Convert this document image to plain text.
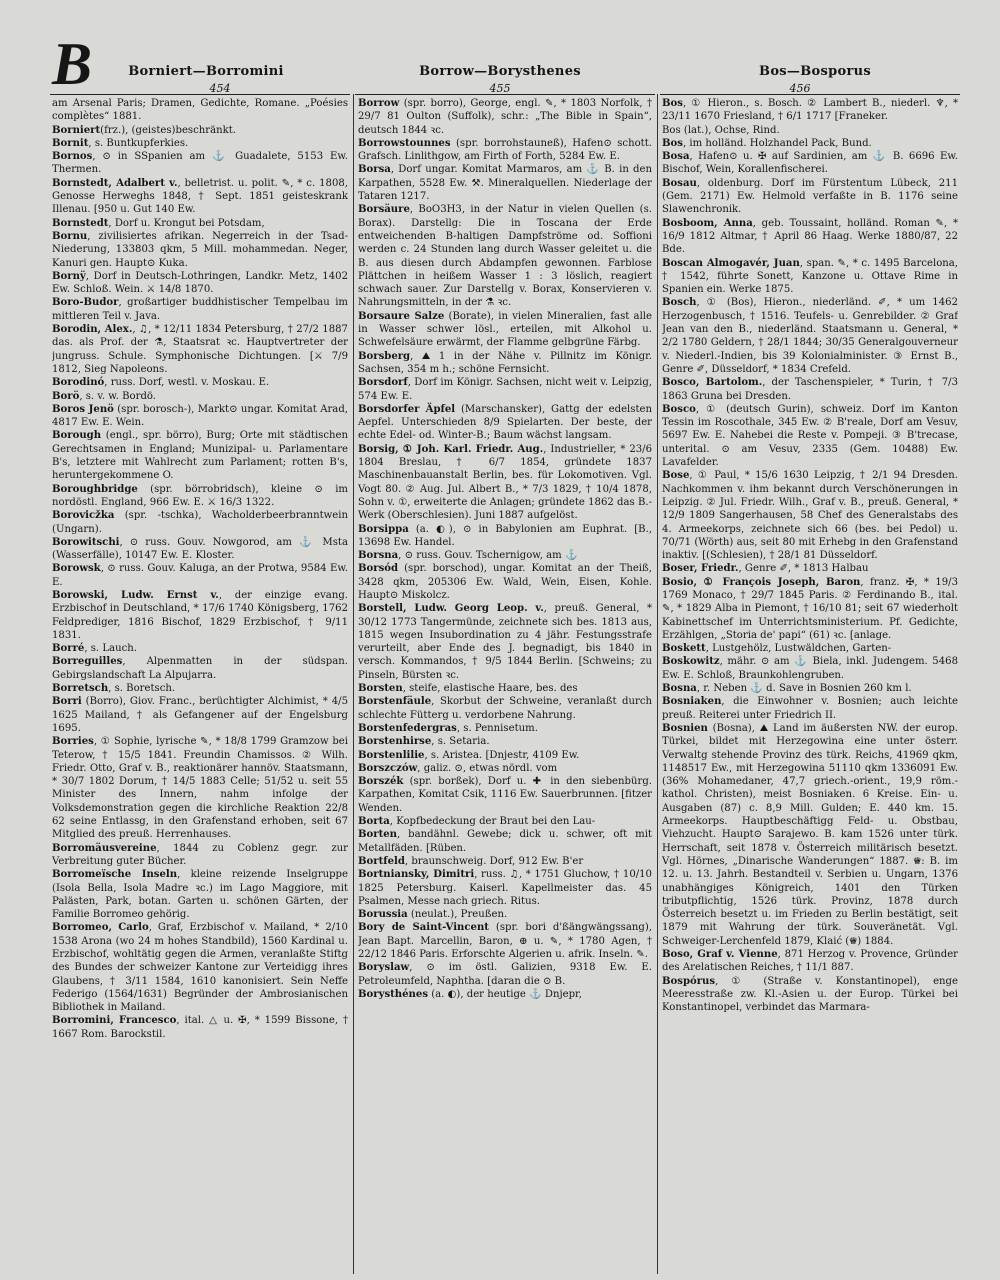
B	Borniert—Borromini	Borrow—Borysthenes	Bos—Bosporus
454	455	456

am Arsenal Paris; Dramen, Gedichte, Romane. „Poésies complètes“ 1881.

Borniert(frz.), (geistes)beschränkt.

Bornit, s. Buntkupferkies.

Bornos, ⊙ in SSpanien am ⚓ Guadalete, 5153 Ew. Thermen.

Bornstedt, Adalbert v., belletrist. u. polit. ✎, * c. 1808, Genosse Herweghs 1848, † Sept. 1851 geisteskrank Illenau. [950 u. Gut 140 Ew.

Bornstedt, Dorf u. Krongut bei Potsdam,

Bornu, zivilisiertes afrikan. Negerreich in der Tsad-Niederung, 133803 qkm, 5 Mill. mohammedan. Neger, Kanuri gen. Haupt⊙ Kuka.

Bornÿ, Dorf in Deutsch-Lothringen, Landkr. Metz, 1402 Ew. Schloß. Wein. ⚔ 14/8 1870.

Boro-Budor, großartiger buddhistischer Tempelbau im mittleren Teil v. Java.

Borodin, Alex., ♫, * 12/11 1834 Petersburg, † 27/2 1887 das. als Prof. der ⚗, Staatsrat ꝛc. Hauptvertreter der jungruss. Schule. Symphonische Dichtungen. [⚔ 7/9 1812, Sieg Napoleons.

Borodinó, russ. Dorf, westl. v. Moskau. E.

Borö, s. v. w. Bordö.

Boros Jenö (spr. borosch-), Markt⊙ ungar. Komitat Arad, 4817 Ew. E. Wein.

Borough (engl., spr. börro), Burg; Orte mit städtischen Gerechtsamen in England; Munizipal- u. Parlamentare B's, letztere mit Wahlrecht zum Parlament; rotten B's, heruntergekommene O.

Boroughbridge (spr. börrobridsch), kleine ⊙ im nordöstl. England, 966 Ew. E. ⚔ 16/3 1322.

Borovicžka (spr. -tschka), Wacholderbeerbranntwein (Ungarn).

Borowitschi, ⊙ russ. Gouv. Nowgorod, am ⚓ Msta (Wasserfälle), 10147 Ew. E. Kloster.

Borowsk, ⊙ russ. Gouv. Kaluga, an der Protwa, 9584 Ew. E.

Borowski, Ludw. Ernst v., der einzige evang. Erzbischof in Deutschland, * 17/6 1740 Königsberg, 1762 Feldprediger, 1816 Bischof, 1829 Erzbischof, † 9/11 1831.

Borré, s. Lauch.

Borreguilles, Alpenmatten in der südspan. Gebirgslandschaft La Alpujarra.

Borretsch, s. Boretsch.

Borri (Borro), Giov. Franc., berüchtigter Alchimist, * 4/5 1625 Mailand, † als Gefangener auf der Engelsburg 1695.

Borries, ① Sophie, lyrische ✎, * 18/8 1799 Gramzow bei Teterow, † 15/5 1841. Freundin Chamissos. ② Wilh. Friedr. Otto, Graf v. B., reaktionärer hannöv. Staatsmann, * 30/7 1802 Dorum, † 14/5 1883 Celle; 51/52 u. seit 55 Minister des Innern, nahm infolge der Volksdemonstration gegen die kirchliche Reaktion 22/8 62 seine Entlassg, in den Grafenstand erhoben, seit 67 Mitglied des preuß. Herrenhauses.

Borromäusvereine, 1844 zu Coblenz gegr. zur Verbreitung guter Bücher.

Borromeïsche Inseln, kleine reizende Inselgruppe (Isola Bella, Isola Madre ꝛc.) im Lago Maggiore, mit Palästen, Park, botan. Garten u. schönen Gärten, der Familie Borromeo gehörig.

Borromeo, Carlo, Graf, Erzbischof v. Mailand, * 2/10 1538 Arona (wo 24 m hohes Standbild), 1560 Kardinal u. Erzbischof, wohltätig gegen die Armen, veranlaßte Stiftg des Bundes der schweizer Kantone zur Verteidigg ihres Glaubens, † 3/11 1584, 1610 kanonisiert. Sein Neffe Federigo (1564/1631) Begründer der Ambrosianischen Bibliothek in Mailand.

Borromini, Francesco, ital. △ u. ✠, * 1599 Bissone, † 1667 Rom. Barockstil.

Borrow (spr. borro), George, engl. ✎, * 1803 Norfolk, † 29/7 81 Oulton (Suffolk), schr.: „The Bible in Spain“, deutsch 1844 ꝛc.

Borrowstounnes (spr. borrohstauneß), Hafen⊙ schott. Grafsch. Linlithgow, am Firth of Forth, 5284 Ew. E.

Borsa, Dorf ungar. Komitat Marmaros, am ⚓ B. in den Karpathen, 5528 Ew. ⚒. Mineralquellen. Niederlage der Tataren 1217.

Borsäure, BoO3H3, in der Natur in vielen Quellen (s. Borax). Darstellg: Die in Toscana der Erde entweichenden B-haltigen Dampfströme od. Soffioni werden c. 24 Stunden lang durch Wasser geleitet u. die B. aus diesen durch Abdampfen gewonnen. Farblose Plättchen in heißem Wasser 1 : 3 löslich, reagiert schwach sauer. Zur Darstellg v. Borax, Konservieren v. Nahrungsmitteln, in der ⚗ ꝛc.

Borsaure Salze (Borate), in vielen Mineralien, fast alle in Wasser schwer lösl., erteilen, mit Alkohol u. Schwefelsäure erwärmt, der Flamme gelbgrüne Färbg.

Borsberg, ⛰ 1 in der Nähe v. Pillnitz im Königr. Sachsen, 354 m h.; schöne Fernsicht.

Borsdorf, Dorf im Königr. Sachsen, nicht weit v. Leipzig, 574 Ew. E.

Borsdorfer Äpfel (Marschansker), Gattg der edelsten Aepfel. Unterschieden 8/9 Spielarten. Der beste, der echte Edel- od. Winter-B.; Baum wächst langsam.

Borsig, ① Joh. Karl. Friedr. Aug., Industrieller, * 23/6 1804 Breslau, † 6/7 1854, gründete 1837 Maschinenbauanstalt Berlin, bes. für Lokomotiven. Vgl. Vogt 80. ② Aug. Jul. Albert B., * 7/3 1829, † 10/4 1878, Sohn v. ①, erweiterte die Anlagen; gründete 1862 das B.-Werk (Oberschlesien). Juni 1887 aufgelöst.

Borsippa (a. ◐), ⊙ in Babylonien am Euphrat. [B., 13698 Ew. Handel.

Borsna, ⊙ russ. Gouv. Tschernigow, am ⚓

Borsód (spr. borschod), ungar. Komitat an der Theiß, 3428 qkm, 205306 Ew. Wald, Wein, Eisen, Kohle. Haupt⊙ Miskolcz.

Borstell, Ludw. Georg Leop. v., preuß. General, * 30/12 1773 Tangermünde, zeichnete sich bes. 1813 aus, 1815 wegen Insubordination zu 4 jähr. Festungsstrafe verurteilt, aber Ende des J. begnadigt, bis 1840 in versch. Kommandos, † 9/5 1844 Berlin. [Schweins; zu Pinseln, Bürsten ꝛc.

Borsten, steife, elastische Haare, bes. des

Borstenfäule, Skorbut der Schweine, veranlaßt durch schlechte Fütterg u. verdorbene Nahrung.

Borstenfedergras, s. Pennisetum.

Borstenhirse, s. Setaria.

Borstenlilie, s. Aristea. [Dnjestr, 4109 Ew.

Borszczów, galiz. ⊙, etwas nördl. vom

Borszék (spr. borßek), Dorf u. ✚ in den siebenbürg. Karpathen, Komitat Csik, 1116 Ew. Sauerbrunnen. [fitzer Wenden.

Borta, Kopfbedeckung der Braut bei den Lau-

Borten, bandähnl. Gewebe; dick u. schwer, oft mit Metallfäden. [Rüben.

Bortfeld, braunschweig. Dorf, 912 Ew. B'er

Bortniansky, Dimitri, russ. ♫, * 1751 Gluchow, † 10/10 1825 Petersburg. Kaiserl. Kapellmeister das. 45 Psalmen, Messe nach griech. Ritus.

Borussia (neulat.), Preußen.

Bory de Saint-Vincent (spr. bori d'ßängwängssang), Jean Bapt. Marcellin, Baron, ⊕ u. ✎, * 1780 Agen, † 22/12 1846 Paris. Erforschte Algerien u. afrik. Inseln. ✎.

Boryslaw, ⊙ im östl. Galizien, 9318 Ew. E. Petroleumfeld, Naphtha. [daran die ⊙ B.

Borysthénes (a. ◐), der heutige ⚓ Dnjepr,

Bos, ① Hieron., s. Bosch. ② Lambert B., niederl. ♆, * 23/11 1670 Friesland, † 6/1 1717 [Franeker.

Bos (lat.), Ochse, Rind.

Bos, im holländ. Holzhandel Pack, Bund.

Bosa, Hafen⊙ u. ✠ auf Sardinien, am ⚓ B. 6696 Ew. Bischof, Wein, Korallenfischerei.

Bosau, oldenburg. Dorf im Fürstentum Lübeck, 211 (Gem. 2171) Ew. Helmold verfaßte in B. 1176 seine Slawenchronik.

Bosboom, Anna, geb. Toussaint, holländ. Roman ✎, * 16/9 1812 Altmar, † April 86 Haag. Werke 1880/87, 22 Bde.

Boscan Almogavér, Juan, span. ✎, * c. 1495 Barcelona, † 1542, führte Sonett, Kanzone u. Ottave Rime in Spanien ein. Werke 1875.

Bosch, ① (Bos), Hieron., niederländ. ✐, * um 1462 Herzogenbusch, † 1516. Teufels- u. Genrebilder. ② Graf Jean van den B., niederländ. Staatsmann u. General, * 2/2 1780 Geldern, † 28/1 1844; 30/35 Generalgouverneur v. Niederl.-Indien, bis 39 Kolonialminister. ③ Ernst B., Genre ✐, Düsseldorf, * 1834 Crefeld.

Bosco, Bartolom., der Taschenspieler, * Turin, † 7/3 1863 Gruna bei Dresden.

Bosco, ① (deutsch Gurin), schweiz. Dorf im Kanton Tessin im Roscothale, 345 Ew. ② B'reale, Dorf am Vesuv, 5697 Ew. E. Nahebei die Reste v. Pompeji. ③ B'trecase, unterital. ⊙ am Vesuv, 2335 (Gem. 10488) Ew. Lavafelder.

Bose, ① Paul, * 15/6 1630 Leipzig, † 2/1 94 Dresden. Nachkommen v. ihm bekannt durch Verschönerungen in Leipzig. ② Jul. Friedr. Wilh., Graf v. B., preuß. General, * 12/9 1809 Sangerhausen, 58 Chef des Generalstabs des 4. Armeekorps, zeichnete sich 66 (bes. bei Pedol) u. 70/71 (Wörth) aus, seit 80 mit Erhebg in den Grafenstand inaktiv. [(Schlesien), † 28/1 81 Düsseldorf.

Boser, Friedr., Genre ✐, * 1813 Halbau

Bosio, ① François Joseph, Baron, franz. ✠, * 19/3 1769 Monaco, † 29/7 1845 Paris. ② Ferdinando B., ital. ✎, * 1829 Alba in Piemont, † 16/10 81; seit 67 wiederholt Kabinettschef im Unterrichtsministerium. Pf. Gedichte, Erzählgen, „Storia de' papi“ (61) ꝛc. [anlage.

Boskett, Lustgehölz, Lustwäldchen, Garten-

Boskowitz, mähr. ⊙ am ⚓ Biela, inkl. Judengem. 5468 Ew. E. Schloß, Braunkohlengruben.

Bosna, r. Neben ⚓ d. Save in Bosnien 260 km l.

Bosniaken, die Einwohner v. Bosnien; auch leichte preuß. Reiterei unter Friedrich II.

Bosnien (Bosna), ⛰ Land im äußersten NW. der europ. Türkei, bildet mit Herzegowina eine unter österr. Verwaltg stehende Provinz des türk. Reichs, 41969 qkm, 1148517 Ew., mit Herzegowina 51110 qkm 1336091 Ew. (36% Mohamedaner, 47,7 griech.-orient., 19,9 röm.-kathol. Christen), meist Bosniaken. 6 Kreise. Ein- u. Ausgaben (87) c. 8,9 Mill. Gulden; E. 440 km. 15. Armeekorps. Hauptbeschäftigg Feld- u. Obstbau, Viehzucht. Haupt⊙ Sarajewo. B. kam 1526 unter türk. Herrschaft, seit 1878 v. Österreich militärisch besetzt. Vgl. Hörnes, „Dinarische Wanderungen“ 1887. ♛: B. im 12. u. 13. Jahrh. Bestandteil v. Serbien u. Ungarn, 1376 unabhängiges Königreich, 1401 den Türken tributpflichtig, 1526 türk. Provinz, 1878 durch Österreich besetzt u. im Frieden zu Berlin bestätigt, seit 1879 mit Wahrung der türk. Souveränetät. Vgl. Schweiger-Lerchenfeld 1879, Klaić (♛) 1884.

Boso, Graf v. Vienne, 871 Herzog v. Provence, Gründer des Arelatischen Reiches, † 11/1 887.

Bospórus, ① (Straße v. Konstantinopel), enge Meeresstraße zw. Kl.-Asien u. der Europ. Türkei bei Konstantinopel, verbindet das Marmara-
